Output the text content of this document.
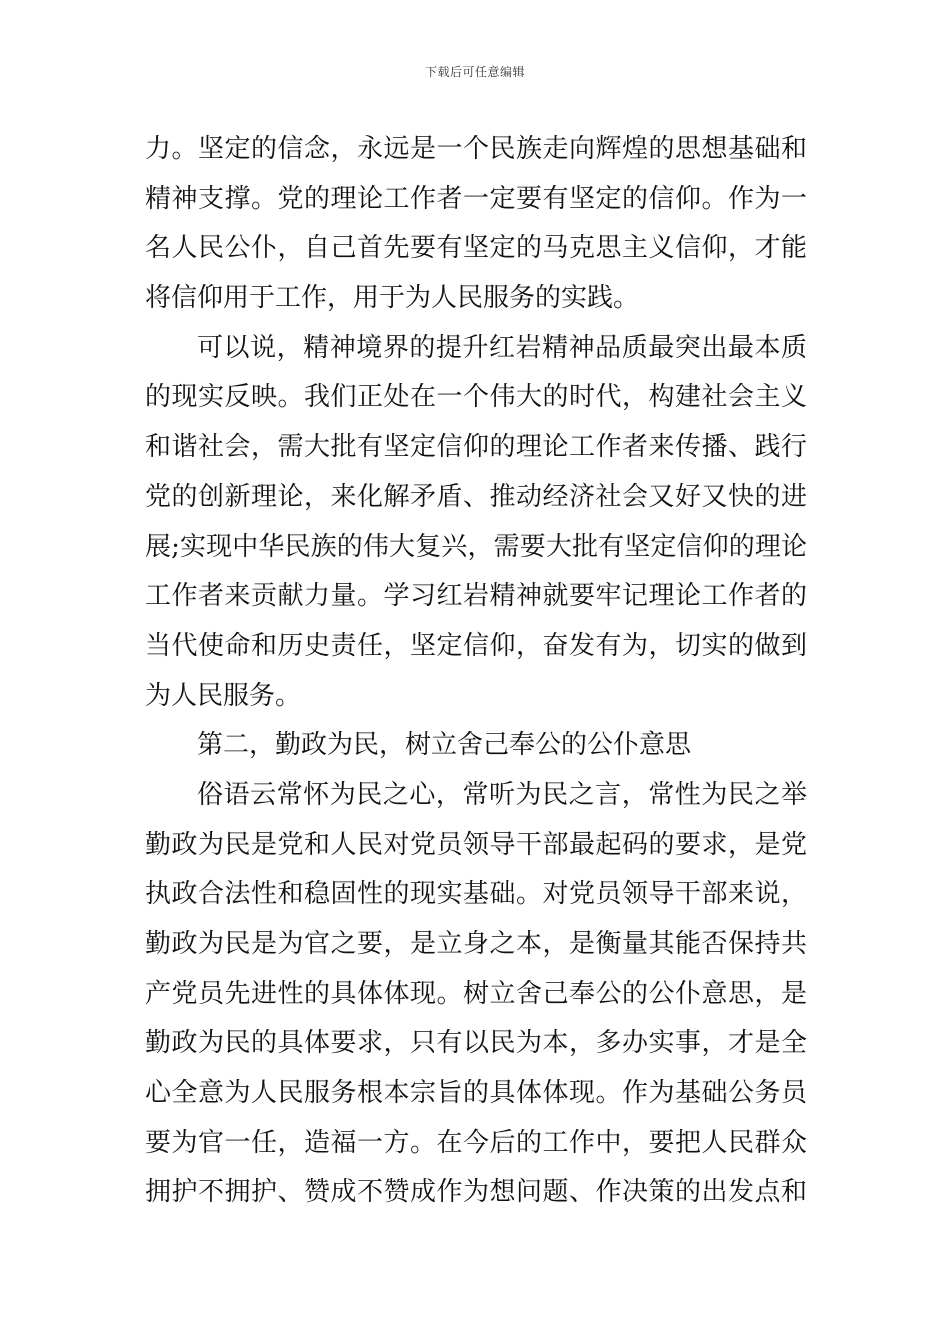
下载后可任意编辑
力。坚定的信念，永远是一个民族走向辉煌的思想基础和
精神支撑。党的理论工作者一定要有坚定的信仰。作为一
名人民公仆，自己首先要有坚定的马克思主义信仰，才能
将信仰用于工作，用于为人民服务的实践。
可以说，精神境界的提升红岩精神品质最突出最本质
的现实反映。我们正处在一个伟大的时代，构建社会主义
和谐社会，需大批有坚定信仰的理论工作者来传播、践行
党的创新理论，来化解矛盾、推动经济社会又好又快的进
展;实现中华民族的伟大复兴，需要大批有坚定信仰的理论
工作者来贡献力量。学习红岩精神就要牢记理论工作者的
当代使命和历史责任，坚定信仰，奋发有为，切实的做到
为人民服务。
第二，勤政为民，树立舍己奉公的公仆意思
俗语云常怀为民之心，常听为民之言，常性为民之举
勤政为民是党和人民对党员领导干部最起码的要求，是党
执政合法性和稳固性的现实基础。对党员领导干部来说，
勤政为民是为官之要，是立身之本，是衡量其能否保持共
产党员先进性的具体体现。树立舍己奉公的公仆意思，是
勤政为民的具体要求，只有以民为本，多办实事，才是全
心全意为人民服务根本宗旨的具体体现。作为基础公务员
要为官一任，造福一方。在今后的工作中，要把人民群众
拥护不拥护、赞成不赞成作为想问题、作决策的出发点和
